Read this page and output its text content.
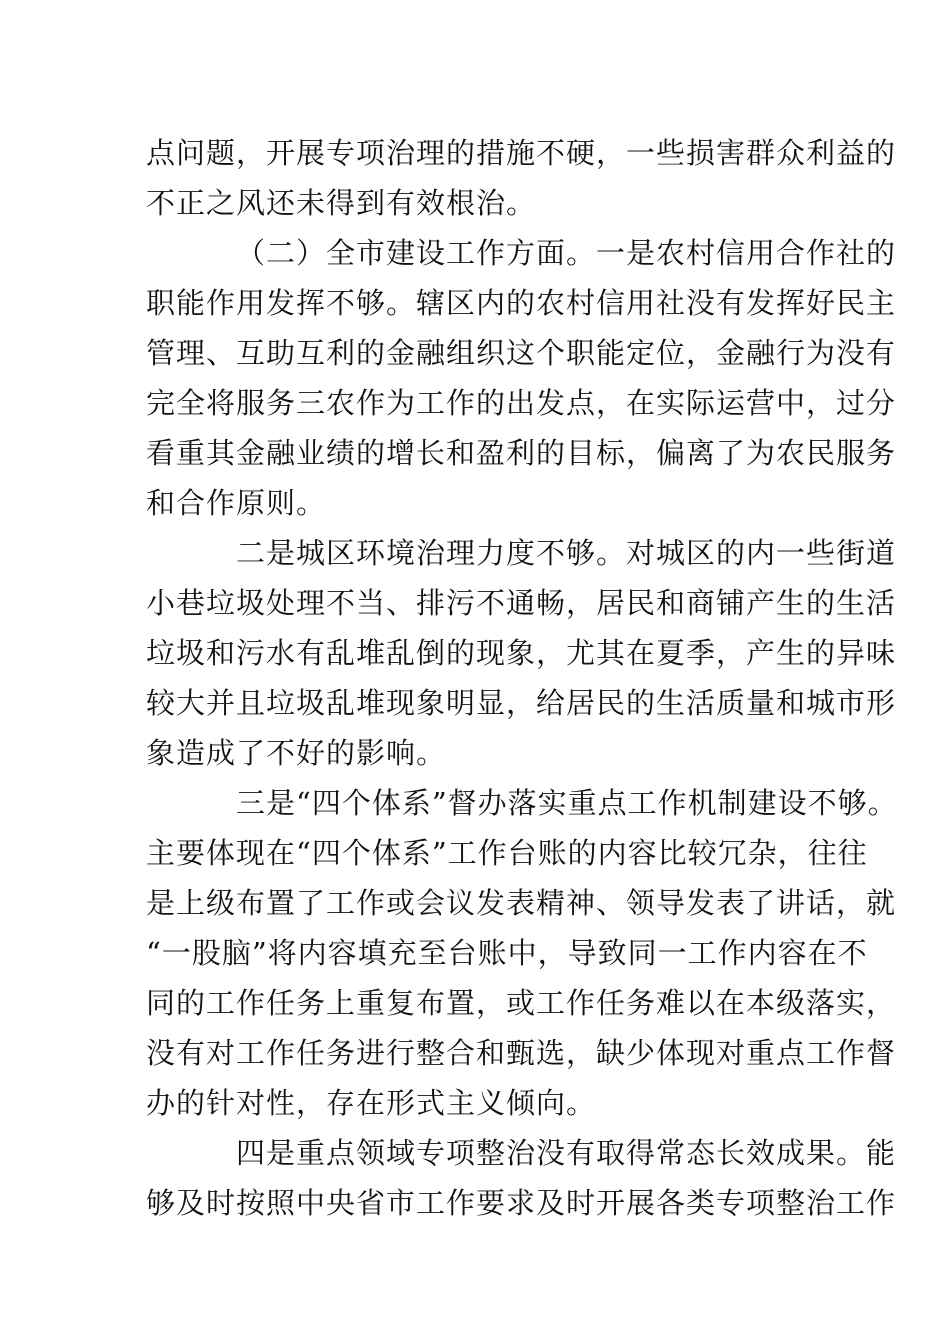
点问题，开展专项治理的措施不硬，一些损害群众利益的
不正之风还未得到有效根治。
（二）全市建设工作方面。一是农村信用合作社的
职能作用发挥不够。辖区内的农村信用社没有发挥好民主
管理、互助互利的金融组织这个职能定位，金融行为没有
完全将服务三农作为工作的出发点，在实际运营中，过分
看重其金融业绩的增长和盈利的目标，偏离了为农民服务
和合作原则。
二是城区环境治理力度不够。对城区的内一些街道
小巷垃圾处理不当、排污不通畅，居民和商铺产生的生活
垃圾和污水有乱堆乱倒的现象，尤其在夏季，产生的异味
较大并且垃圾乱堆现象明显，给居民的生活质量和城市形
象造成了不好的影响。
三是“四个体系”督办落实重点工作机制建设不够。
主要体现在“四个体系”工作台账的内容比较冗杂，往往
是上级布置了工作或会议发表精神、领导发表了讲话，就
“一股脑”将内容填充至台账中，导致同一工作内容在不
同的工作任务上重复布置，或工作任务难以在本级落实，
没有对工作任务进行整合和甄选，缺少体现对重点工作督
办的针对性，存在形式主义倾向。
四是重点领域专项整治没有取得常态长效成果。能
够及时按照中央省市工作要求及时开展各类专项整治工作
